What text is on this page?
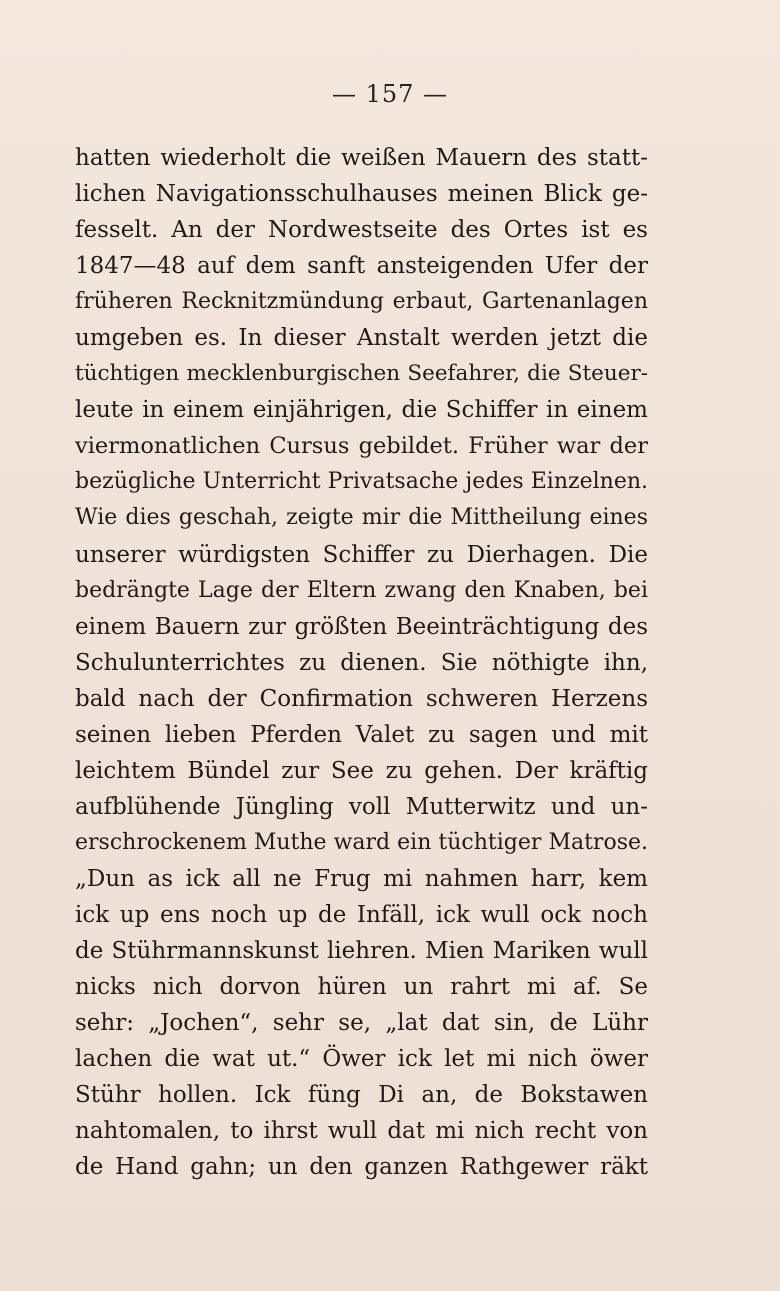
— 157 —
hatten wiederholt die weißen Mauern des statt-
lichen Navigationsschulhauses meinen Blick ge-
fesselt. An der Nordwestseite des Ortes ist es
1847—48 auf dem sanft ansteigenden Ufer der
früheren Recknitzmündung erbaut, Gartenanlagen
umgeben es. In dieser Anstalt werden jetzt die
tüchtigen mecklenburgischen Seefahrer, die Steuer-
leute in einem einjährigen, die Schiffer in einem
viermonatlichen Cursus gebildet. Früher war der
bezügliche Unterricht Privatsache jedes Einzelnen.
Wie dies geschah, zeigte mir die Mittheilung eines
unserer würdigsten Schiffer zu Dierhagen. Die
bedrängte Lage der Eltern zwang den Knaben, bei
einem Bauern zur größten Beeinträchtigung des
Schulunterrichtes zu dienen. Sie nöthigte ihn,
bald nach der Confirmation schweren Herzens
seinen lieben Pferden Valet zu sagen und mit
leichtem Bündel zur See zu gehen. Der kräftig
aufblühende Jüngling voll Mutterwitz und un-
erschrockenem Muthe ward ein tüchtiger Matrose.
„Dun as ick all ne Frug mi nahmen harr, kem
ick up ens noch up de Infäll, ick wull ock noch
de Stührmannskunst liehren. Mien Mariken wull
nicks nich dorvon hüren un rahrt mi af. Se
sehr: „Jochen“, sehr se, „lat dat sin, de Lühr
lachen die wat ut.“ Öwer ick let mi nich öwer
Stühr hollen. Ick füng Di an, de Bokstawen
nahtomalen, to ihrst wull dat mi nich recht von
de Hand gahn; un den ganzen Rathgewer räkt
